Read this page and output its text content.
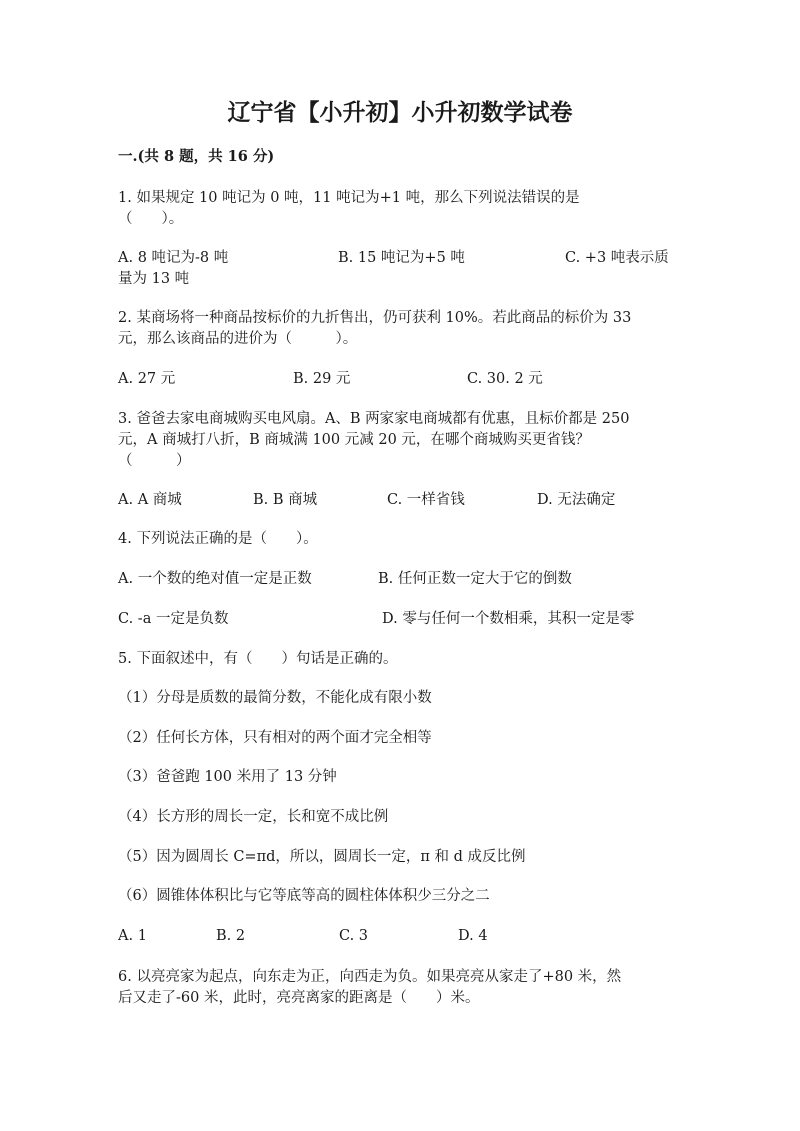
辽宁省【小升初】小升初数学试卷
一.(共 8 题，共 16 分)
1. 如果规定 10 吨记为 0 吨，11 吨记为+1 吨，那么下列说法错误的是
（　　）。
A. 8 吨记为-8 吨	B. 15 吨记为+5 吨	C. +3 吨表示质
量为 13 吨
2. 某商场将一种商品按标价的九折售出，仍可获利 10%。若此商品的标价为 33
元，那么该商品的进价为（　　　）。
A. 27 元	B. 29 元	C. 30. 2 元
3. 爸爸去家电商城购买电风扇。A、B 两家家电商城都有优惠，且标价都是 250
元，A 商城打八折，B 商城满 100 元减 20 元，在哪个商城购买更省钱？
（　　　）
A. A 商城	B. B 商城	C. 一样省钱	D. 无法确定
4. 下列说法正确的是（　　）。
A. 一个数的绝对值一定是正数	B. 任何正数一定大于它的倒数
C. -a 一定是负数	D. 零与任何一个数相乘，其积一定是零
5. 下面叙述中，有（　　）句话是正确的。
（1）分母是质数的最简分数，不能化成有限小数
（2）任何长方体，只有相对的两个面才完全相等
（3）爸爸跑 100 米用了 13 分钟
（4）长方形的周长一定，长和宽不成比例
（5）因为圆周长 C=πd，所以，圆周长一定，π 和 d 成反比例
（6）圆锥体体积比与它等底等高的圆柱体体积少三分之二
A. 1	B. 2	C. 3	D. 4
6. 以亮亮家为起点，向东走为正，向西走为负。如果亮亮从家走了+80 米，然
后又走了-60 米，此时，亮亮离家的距离是（　　）米。
